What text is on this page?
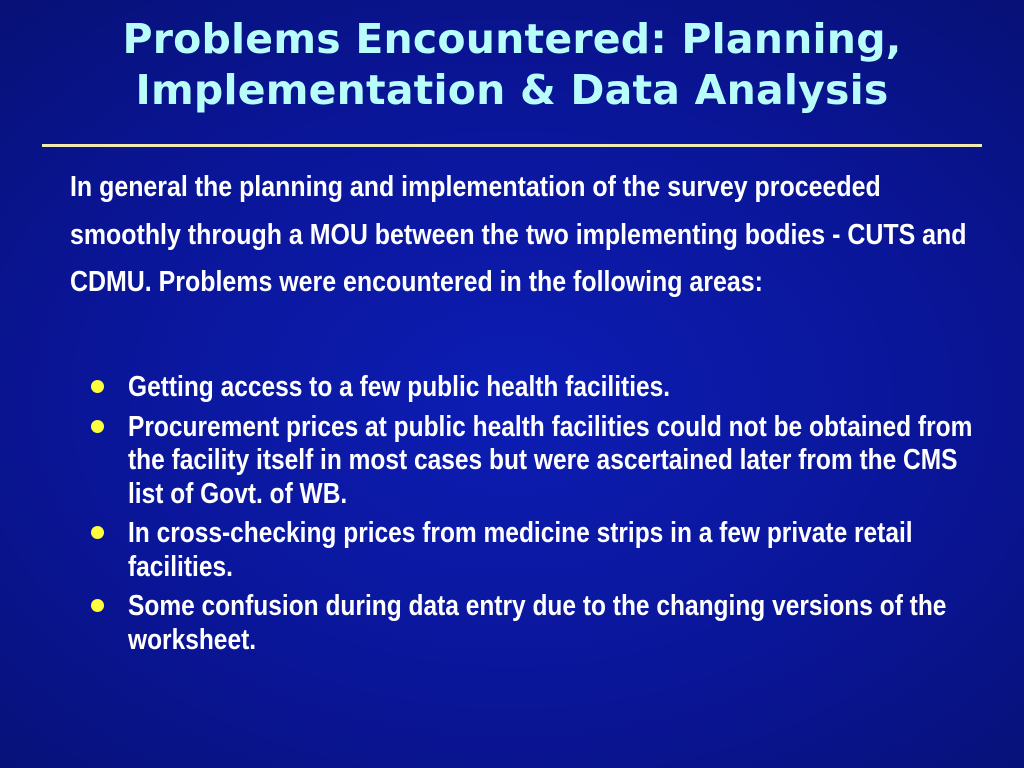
Problems Encountered: Planning,
Implementation & Data Analysis
In general the planning and implementation of the survey proceeded smoothly through a MOU between the two implementing bodies - CUTS and CDMU. Problems were encountered in the following areas:
Getting access to a few public health facilities.
Procurement prices at public health facilities could not be obtained from the facility itself in most cases but were ascertained later from the CMS list of Govt. of WB.
In cross-checking prices from medicine strips in a few private retail facilities.
Some confusion during data entry due to the changing versions of the worksheet.
